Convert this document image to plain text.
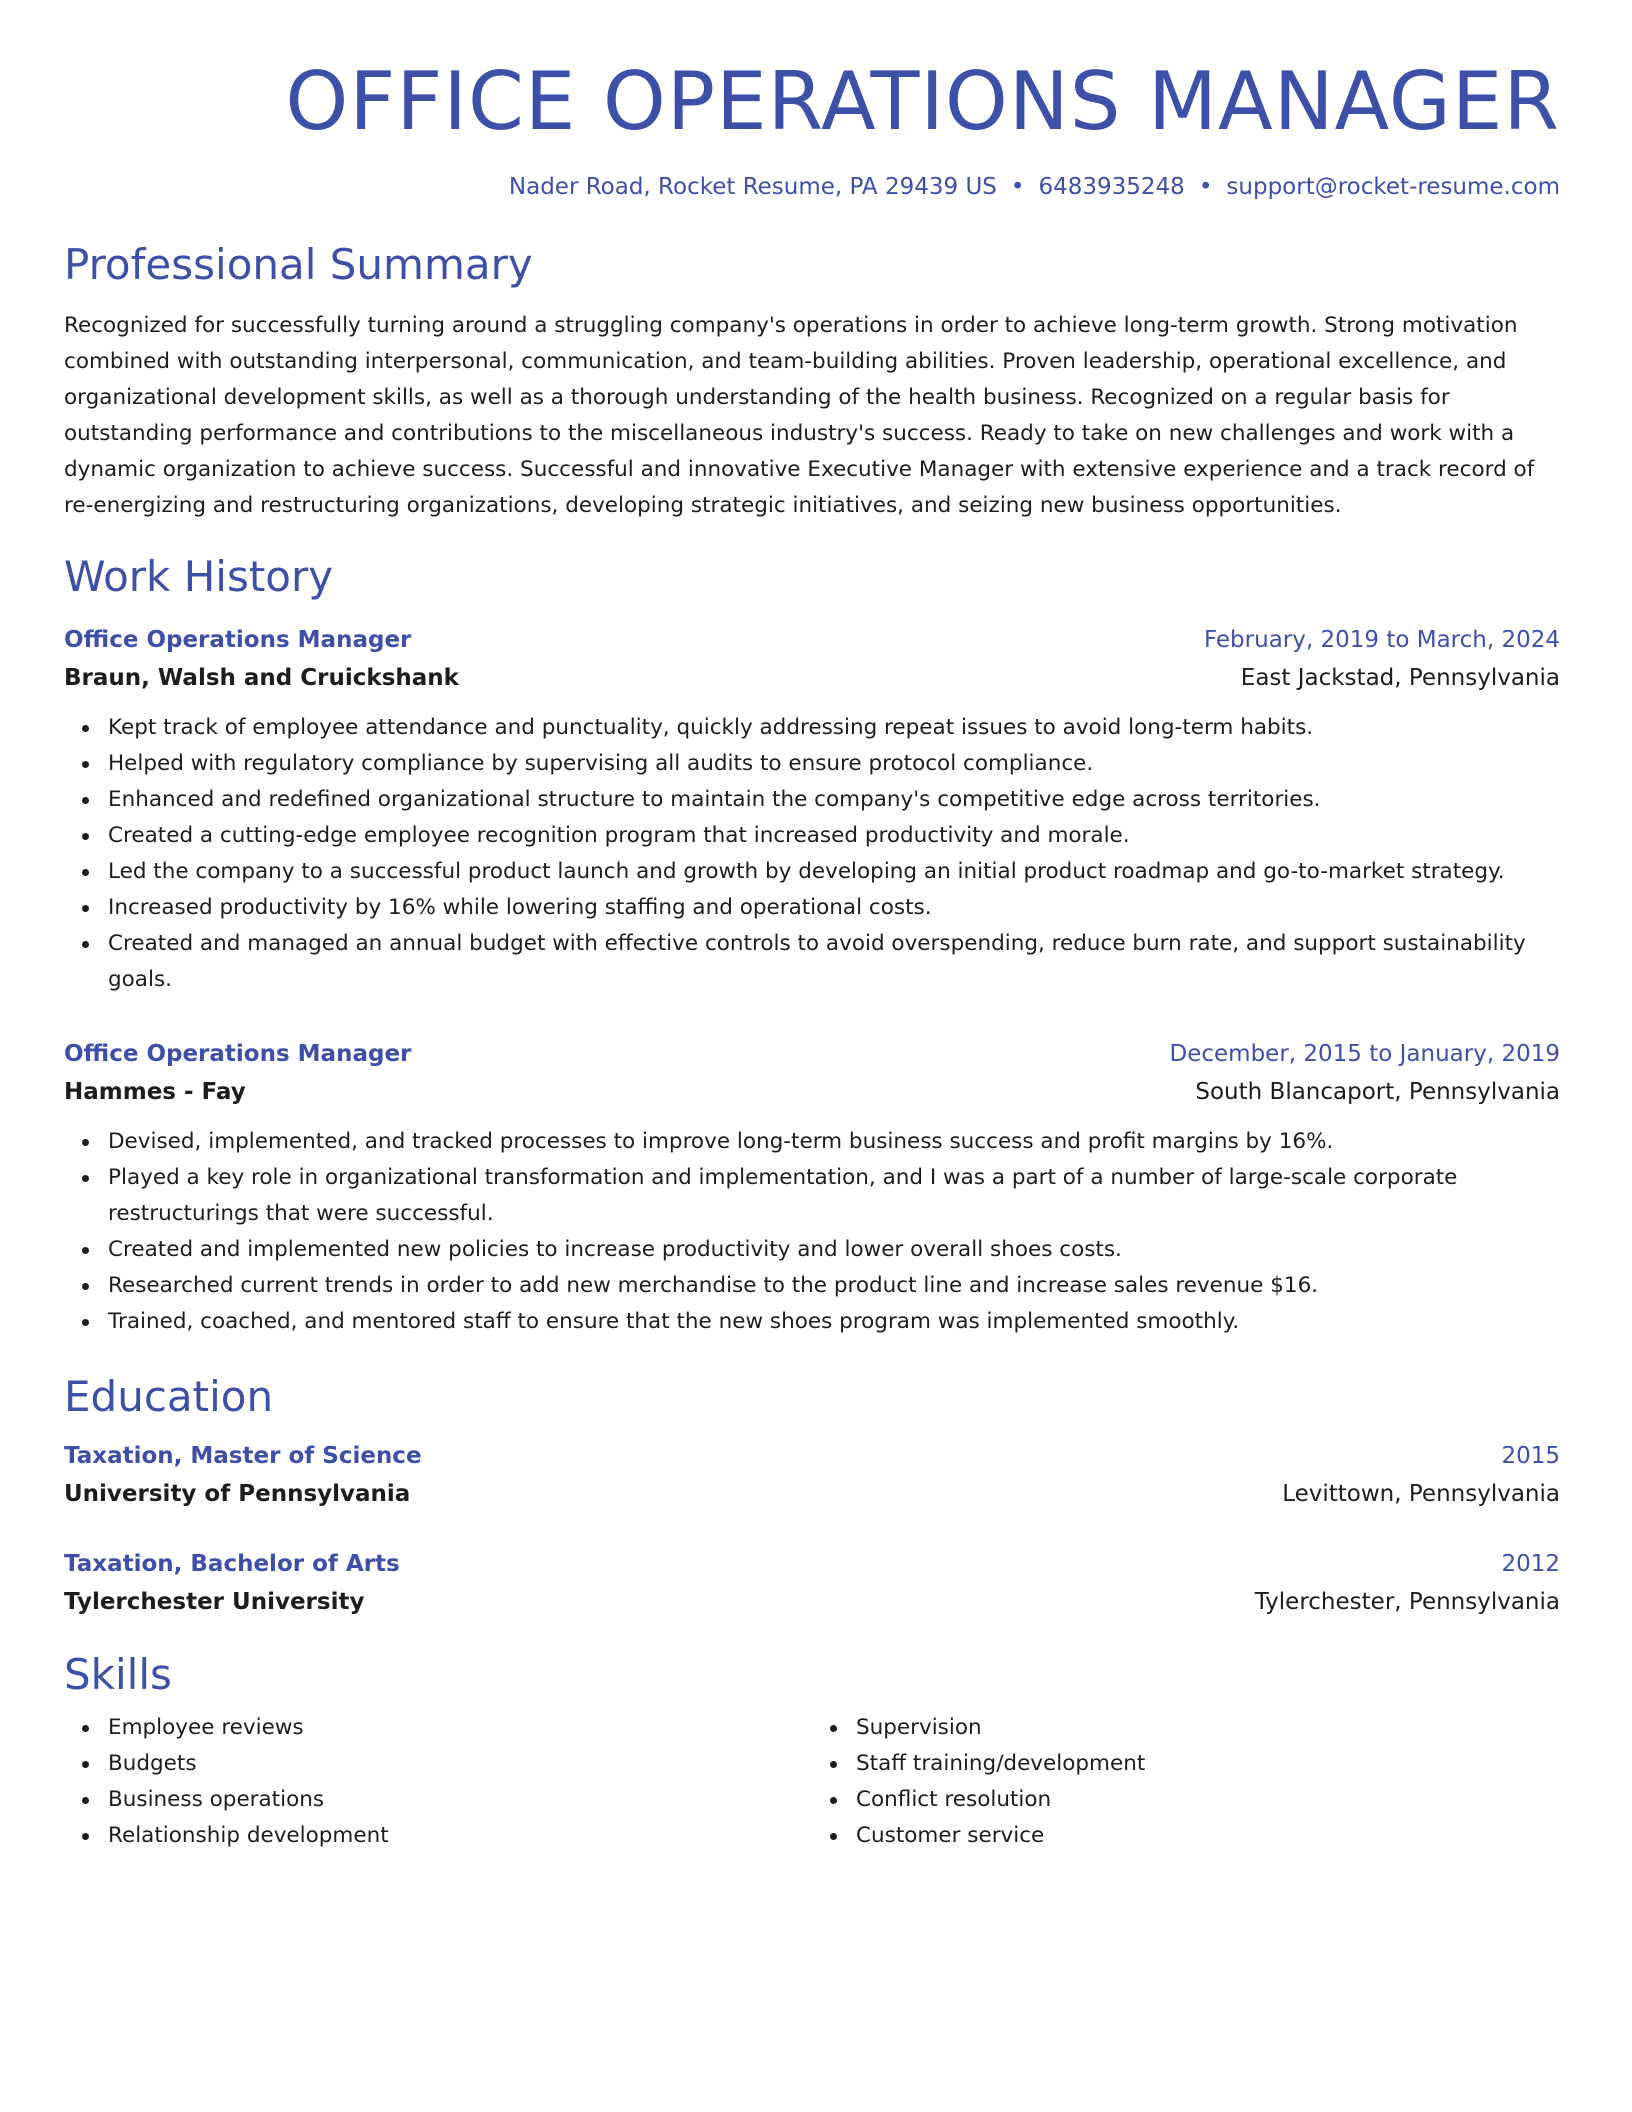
OFFICE OPERATIONS MANAGER
Nader Road, Rocket Resume, PA 29439 US • 6483935248 • support@rocket-resume.com
Professional Summary
Recognized for successfully turning around a struggling company's operations in order to achieve long-term growth. Strong motivation combined with outstanding interpersonal, communication, and team-building abilities. Proven leadership, operational excellence, and organizational development skills, as well as a thorough understanding of the health business. Recognized on a regular basis for outstanding performance and contributions to the miscellaneous industry's success. Ready to take on new challenges and work with a dynamic organization to achieve success. Successful and innovative Executive Manager with extensive experience and a track record of re-energizing and restructuring organizations, developing strategic initiatives, and seizing new business opportunities.
Work History
Office Operations Manager	February, 2019 to March, 2024
Braun, Walsh and Cruickshank	East Jackstad, Pennsylvania
Kept track of employee attendance and punctuality, quickly addressing repeat issues to avoid long-term habits.
Helped with regulatory compliance by supervising all audits to ensure protocol compliance.
Enhanced and redefined organizational structure to maintain the company's competitive edge across territories.
Created a cutting-edge employee recognition program that increased productivity and morale.
Led the company to a successful product launch and growth by developing an initial product roadmap and go-to-market strategy.
Increased productivity by 16% while lowering staffing and operational costs.
Created and managed an annual budget with effective controls to avoid overspending, reduce burn rate, and support sustainability goals.
Office Operations Manager	December, 2015 to January, 2019
Hammes - Fay	South Blancaport, Pennsylvania
Devised, implemented, and tracked processes to improve long-term business success and profit margins by 16%.
Played a key role in organizational transformation and implementation, and I was a part of a number of large-scale corporate restructurings that were successful.
Created and implemented new policies to increase productivity and lower overall shoes costs.
Researched current trends in order to add new merchandise to the product line and increase sales revenue $16.
Trained, coached, and mentored staff to ensure that the new shoes program was implemented smoothly.
Education
Taxation, Master of Science	2015
University of Pennsylvania	Levittown, Pennsylvania
Taxation, Bachelor of Arts	2012
Tylerchester University	Tylerchester, Pennsylvania
Skills
Employee reviews
Budgets
Business operations
Relationship development
Supervision
Staff training/development
Conflict resolution
Customer service
